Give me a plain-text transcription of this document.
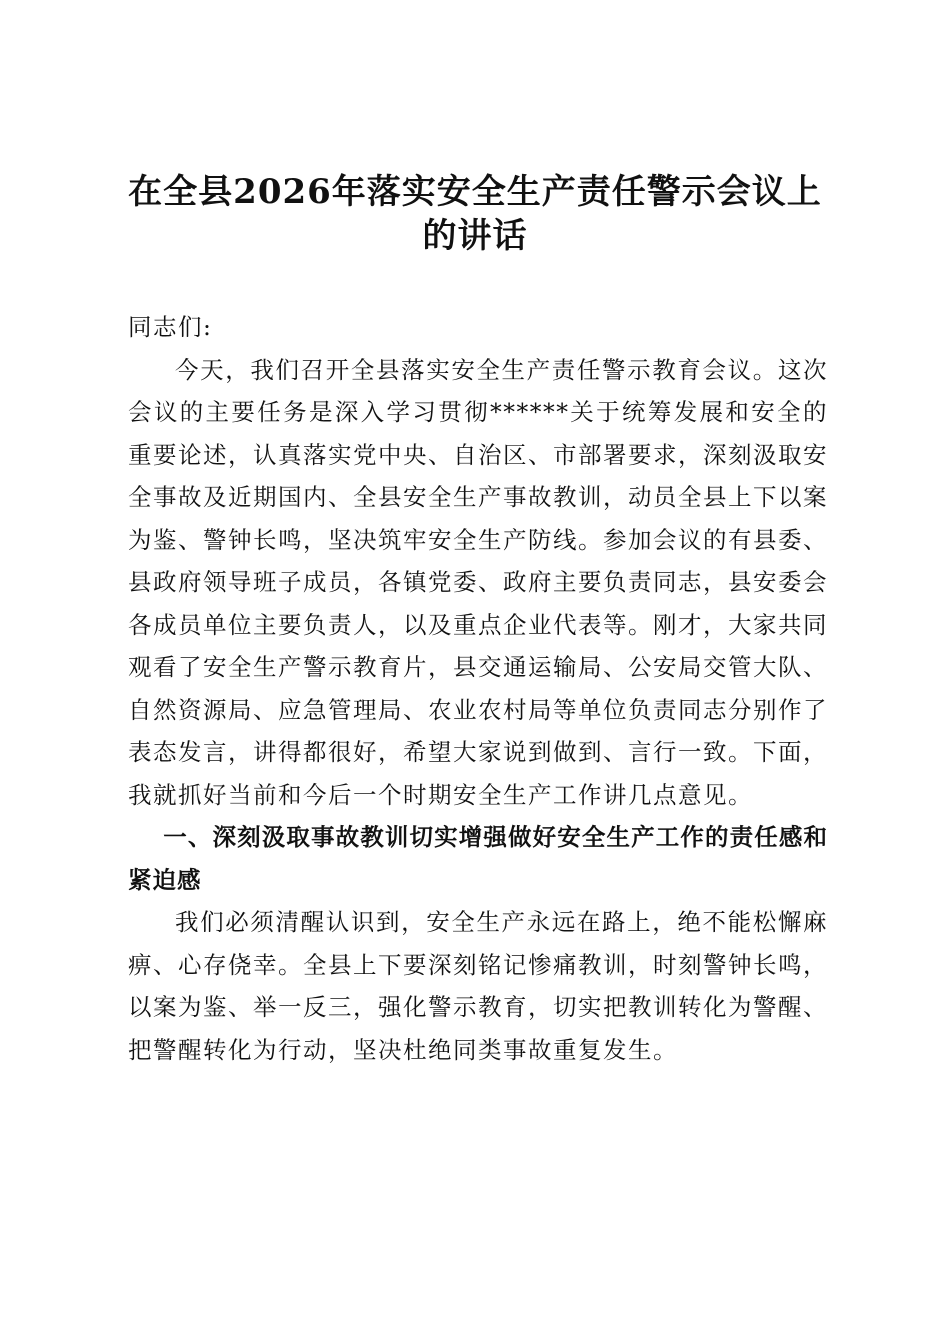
在全县2026年落实安全生产责任警示会议上
的讲话

同志们:

今天，我们召开全县落实安全生产责任警示教育会议。这次会议的主要任务是深入学习贯彻******关于统筹发展和安全的重要论述，认真落实党中央、自治区、市部署要求，深刻汲取安全事故及近期国内、全县安全生产事故教训，动员全县上下以案为鉴、警钟长鸣，坚决筑牢安全生产防线。参加会议的有县委、县政府领导班子成员，各镇党委、政府主要负责同志，县安委会各成员单位主要负责人，以及重点企业代表等。刚才，大家共同观看了安全生产警示教育片，县交通运输局、公安局交管大队、自然资源局、应急管理局、农业农村局等单位负责同志分别作了表态发言，讲得都很好，希望大家说到做到、言行一致。下面，我就抓好当前和今后一个时期安全生产工作讲几点意见。

一、深刻汲取事故教训切实增强做好安全生产工作的责任感和紧迫感

我们必须清醒认识到，安全生产永远在路上，绝不能松懈麻痹、心存侥幸。全县上下要深刻铭记惨痛教训，时刻警钟长鸣，以案为鉴、举一反三，强化警示教育，切实把教训转化为警醒、把警醒转化为行动，坚决杜绝同类事故重复发生。
